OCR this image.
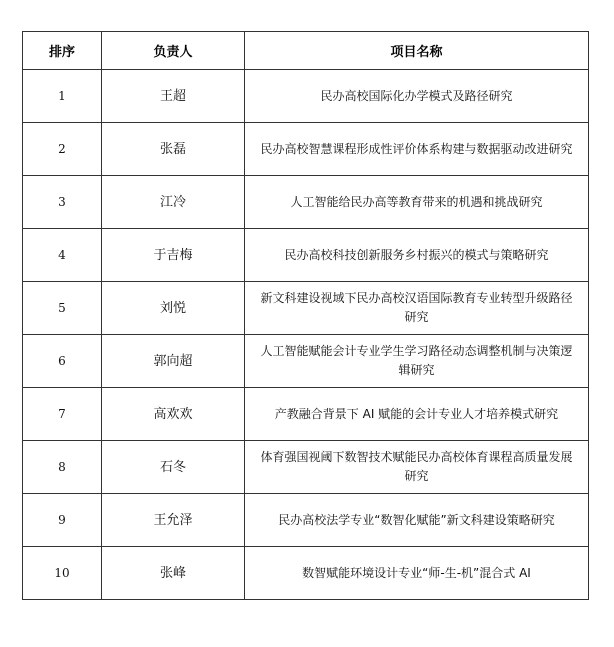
排序	负责人	项目名称
1	王超	民办高校国际化办学模式及路径研究
2	张磊	民办高校智慧课程形成性评价体系构建与数据驱动改进研究
3	江冷	人工智能给民办高等教育带来的机遇和挑战研究
4	于吉梅	民办高校科技创新服务乡村振兴的模式与策略研究
5	刘悦	新文科建设视域下民办高校汉语国际教育专业转型升级路径研究
6	郭向超	人工智能赋能会计专业学生学习路径动态调整机制与决策逻辑研究
7	高欢欢	产教融合背景下 AI 赋能的会计专业人才培养模式研究
8	石冬	体育强国视阈下数智技术赋能民办高校体育课程高质量发展研究
9	王允泽	民办高校法学专业“数智化赋能”新文科建设策略研究
10	张峰	数智赋能环境设计专业“师-生-机”混合式 AI
